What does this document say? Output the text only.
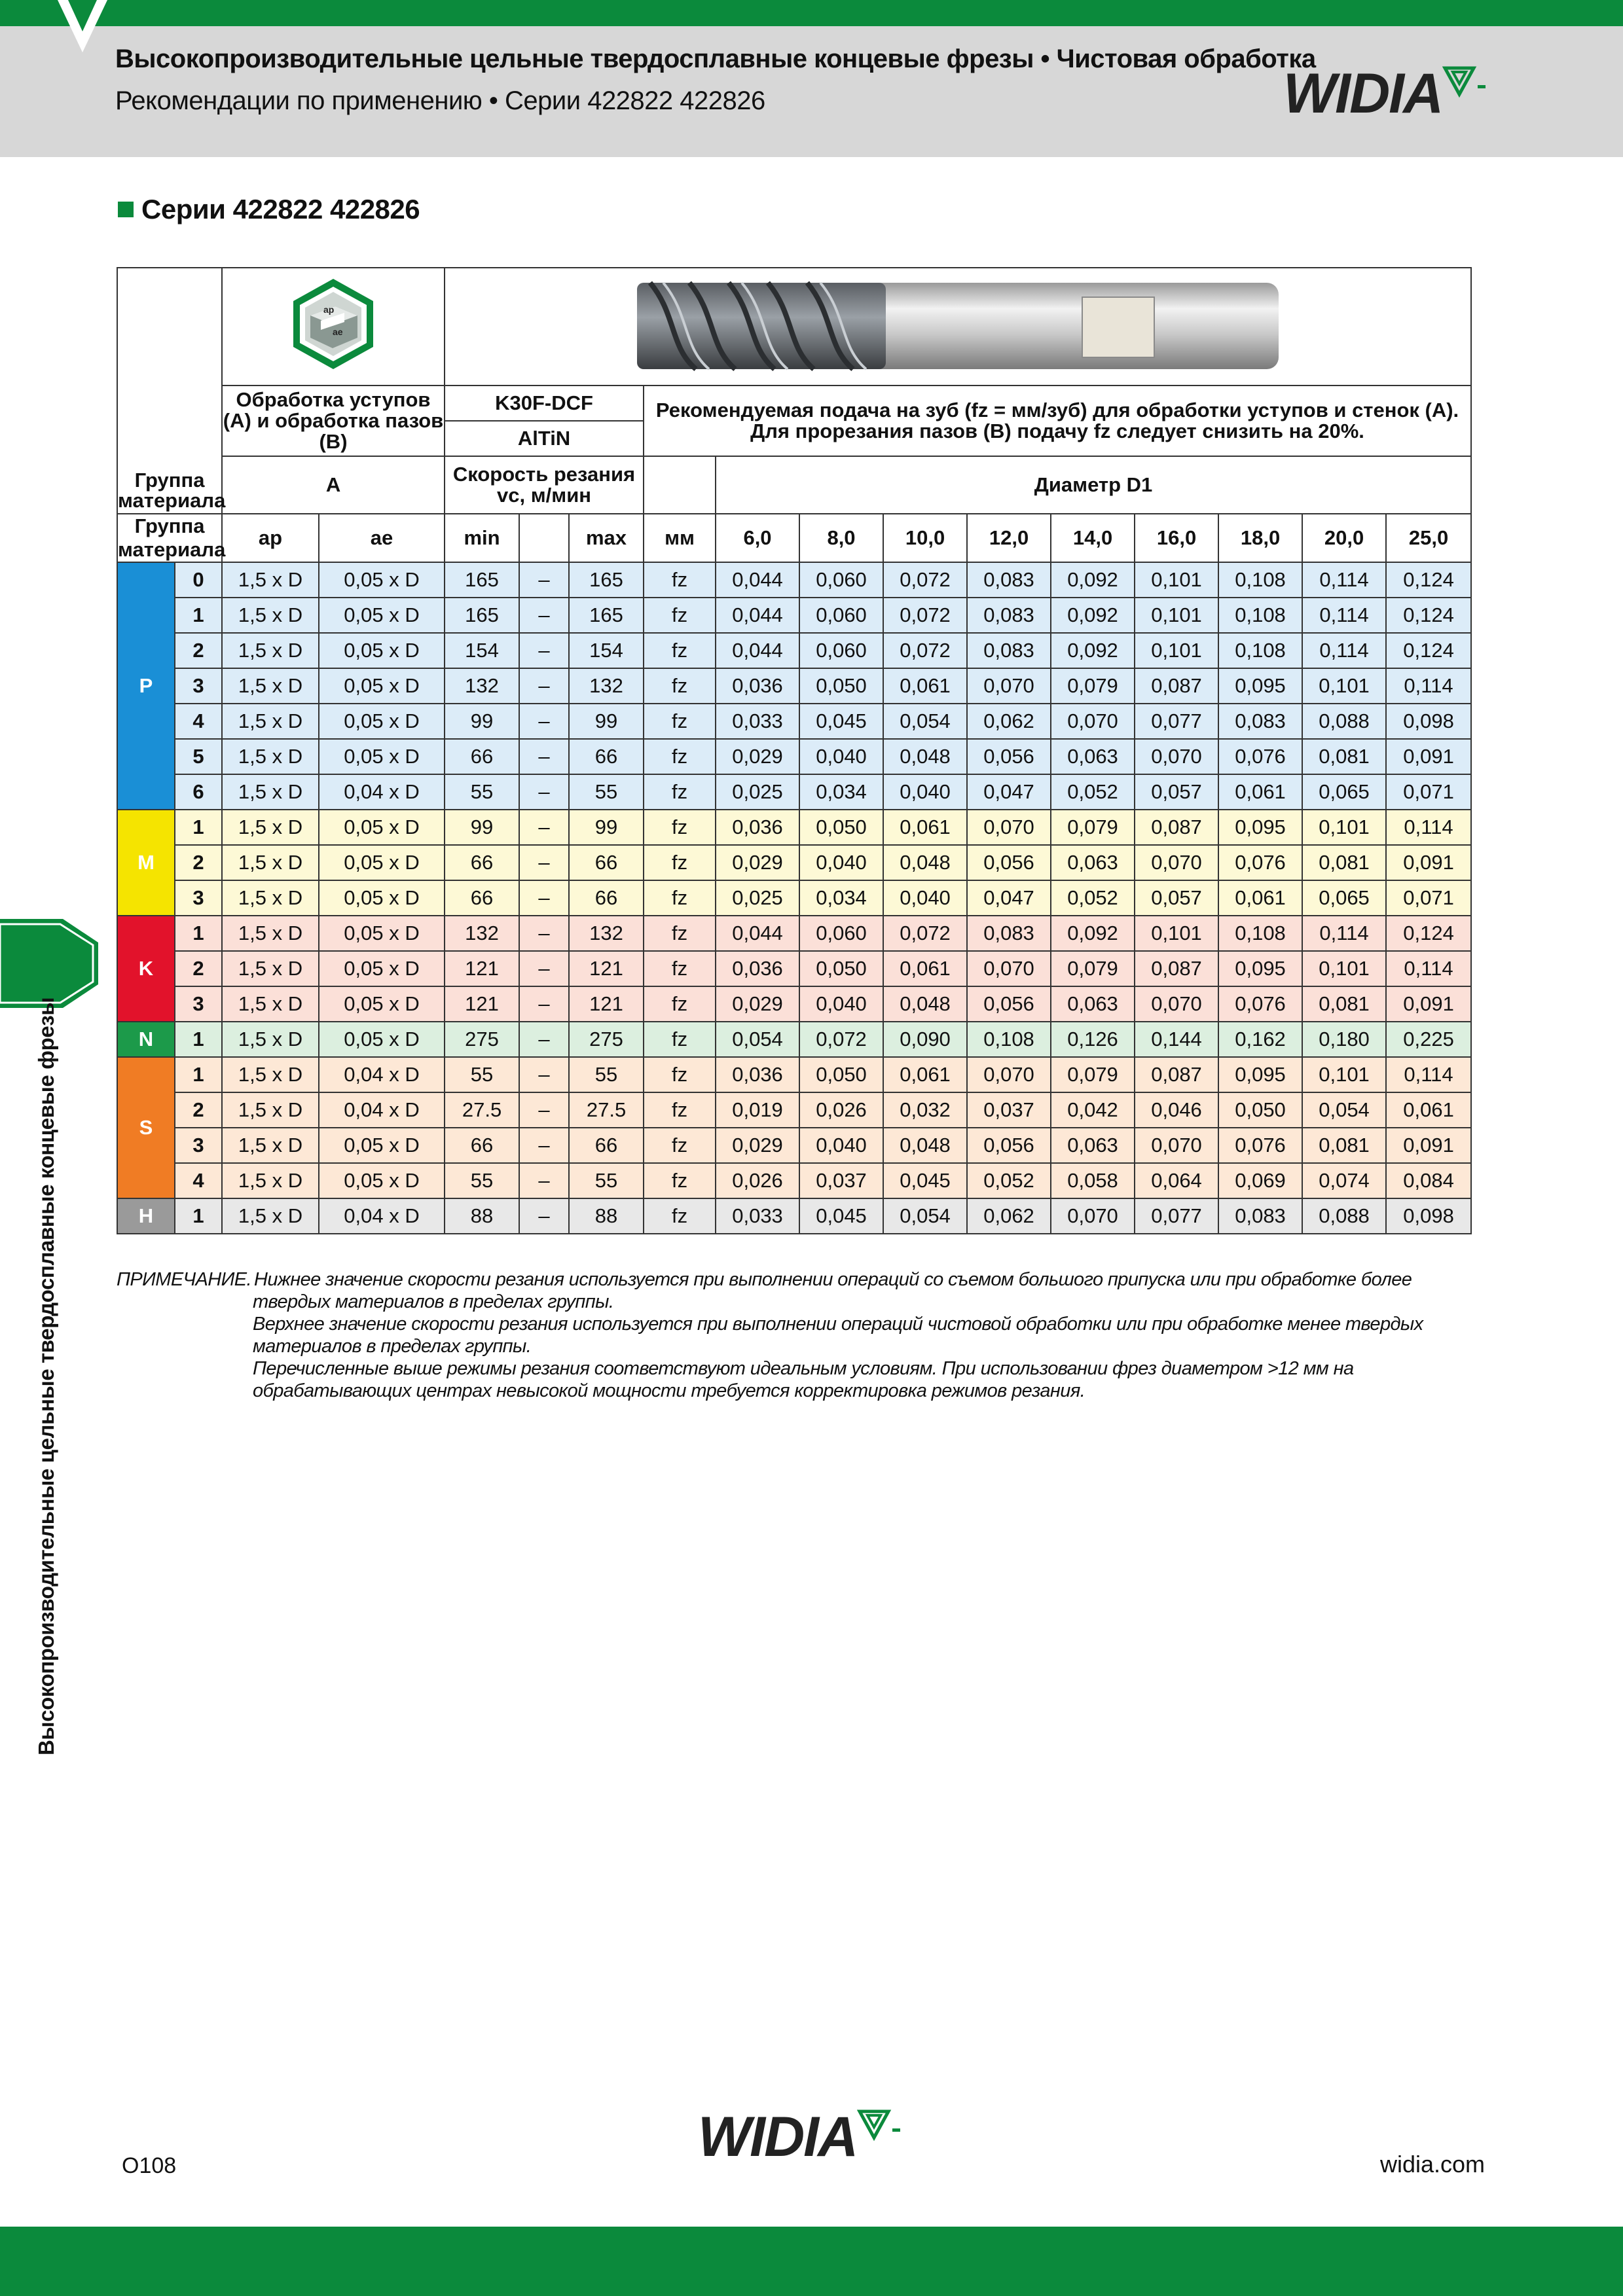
Высокопроизводительные цельные твердосплавные концевые фрезы • Чистовая обработка
Рекомендации по применению • Серии 422822 422826	WIDIA
Серии 422822 422826
Высокопроизводительные цельные твердосплавные концевые фрезы
Группа материала		ap
ae

		Обработка уступов (А) и обработка пазов (В)		K30F-DCF			Рекомендуемая подача на зуб (fz = мм/зуб) для обработки уступов и стенок (А). Для прорезания пазов (В) подачу fz следует снизить на 20%.									
				AlTiN												
		A		Скорость резания vc, м/мин				Диаметр D1								
Группа материала		ap	ae	min		max	мм	6,0	8,0	10,0	12,0	14,0	16,0	18,0	20,0	25,0
P	0	1,5 x D	0,05 x D	165	–	165	fz	0,044	0,060	0,072	0,083	0,092	0,101	0,108	0,114	0,124
	1	1,5 x D	0,05 x D	165	–	165	fz	0,044	0,060	0,072	0,083	0,092	0,101	0,108	0,114	0,124
	2	1,5 x D	0,05 x D	154	–	154	fz	0,044	0,060	0,072	0,083	0,092	0,101	0,108	0,114	0,124
	3	1,5 x D	0,05 x D	132	–	132	fz	0,036	0,050	0,061	0,070	0,079	0,087	0,095	0,101	0,114
	4	1,5 x D	0,05 x D	99	–	99	fz	0,033	0,045	0,054	0,062	0,070	0,077	0,083	0,088	0,098
	5	1,5 x D	0,05 x D	66	–	66	fz	0,029	0,040	0,048	0,056	0,063	0,070	0,076	0,081	0,091
	6	1,5 x D	0,04 x D	55	–	55	fz	0,025	0,034	0,040	0,047	0,052	0,057	0,061	0,065	0,071
M	1	1,5 x D	0,05 x D	99	–	99	fz	0,036	0,050	0,061	0,070	0,079	0,087	0,095	0,101	0,114
	2	1,5 x D	0,05 x D	66	–	66	fz	0,029	0,040	0,048	0,056	0,063	0,070	0,076	0,081	0,091
	3	1,5 x D	0,05 x D	66	–	66	fz	0,025	0,034	0,040	0,047	0,052	0,057	0,061	0,065	0,071
K	1	1,5 x D	0,05 x D	132	–	132	fz	0,044	0,060	0,072	0,083	0,092	0,101	0,108	0,114	0,124
	2	1,5 x D	0,05 x D	121	–	121	fz	0,036	0,050	0,061	0,070	0,079	0,087	0,095	0,101	0,114
	3	1,5 x D	0,05 x D	121	–	121	fz	0,029	0,040	0,048	0,056	0,063	0,070	0,076	0,081	0,091
N	1	1,5 x D	0,05 x D	275	–	275	fz	0,054	0,072	0,090	0,108	0,126	0,144	0,162	0,180	0,225
S	1	1,5 x D	0,04 x D	55	–	55	fz	0,036	0,050	0,061	0,070	0,079	0,087	0,095	0,101	0,114
	2	1,5 x D	0,04 x D	27.5	–	27.5	fz	0,019	0,026	0,032	0,037	0,042	0,046	0,050	0,054	0,061
	3	1,5 x D	0,05 x D	66	–	66	fz	0,029	0,040	0,048	0,056	0,063	0,070	0,076	0,081	0,091
	4	1,5 x D	0,05 x D	55	–	55	fz	0,026	0,037	0,045	0,052	0,058	0,064	0,069	0,074	0,084
H	1	1,5 x D	0,04 x D	88	–	88	fz	0,033	0,045	0,054	0,062	0,070	0,077	0,083	0,088	0,098
ПРИМЕЧАНИЕ. Нижнее значение скорости резания используется при выполнении операций со съемом большого припуска или при обработке более
твердых материалов в пределах группы.
Верхнее значение скорости резания используется при выполнении операций чистовой обработки или при обработке менее твердых
материалов в пределах группы.
Перечисленные выше режимы резания соответствуют идеальным условиям. При использовании фрез диаметром >12 мм на
обрабатывающих центрах невысокой мощности требуется корректировка режимов резания.
WIDIA
O108	widia.com
